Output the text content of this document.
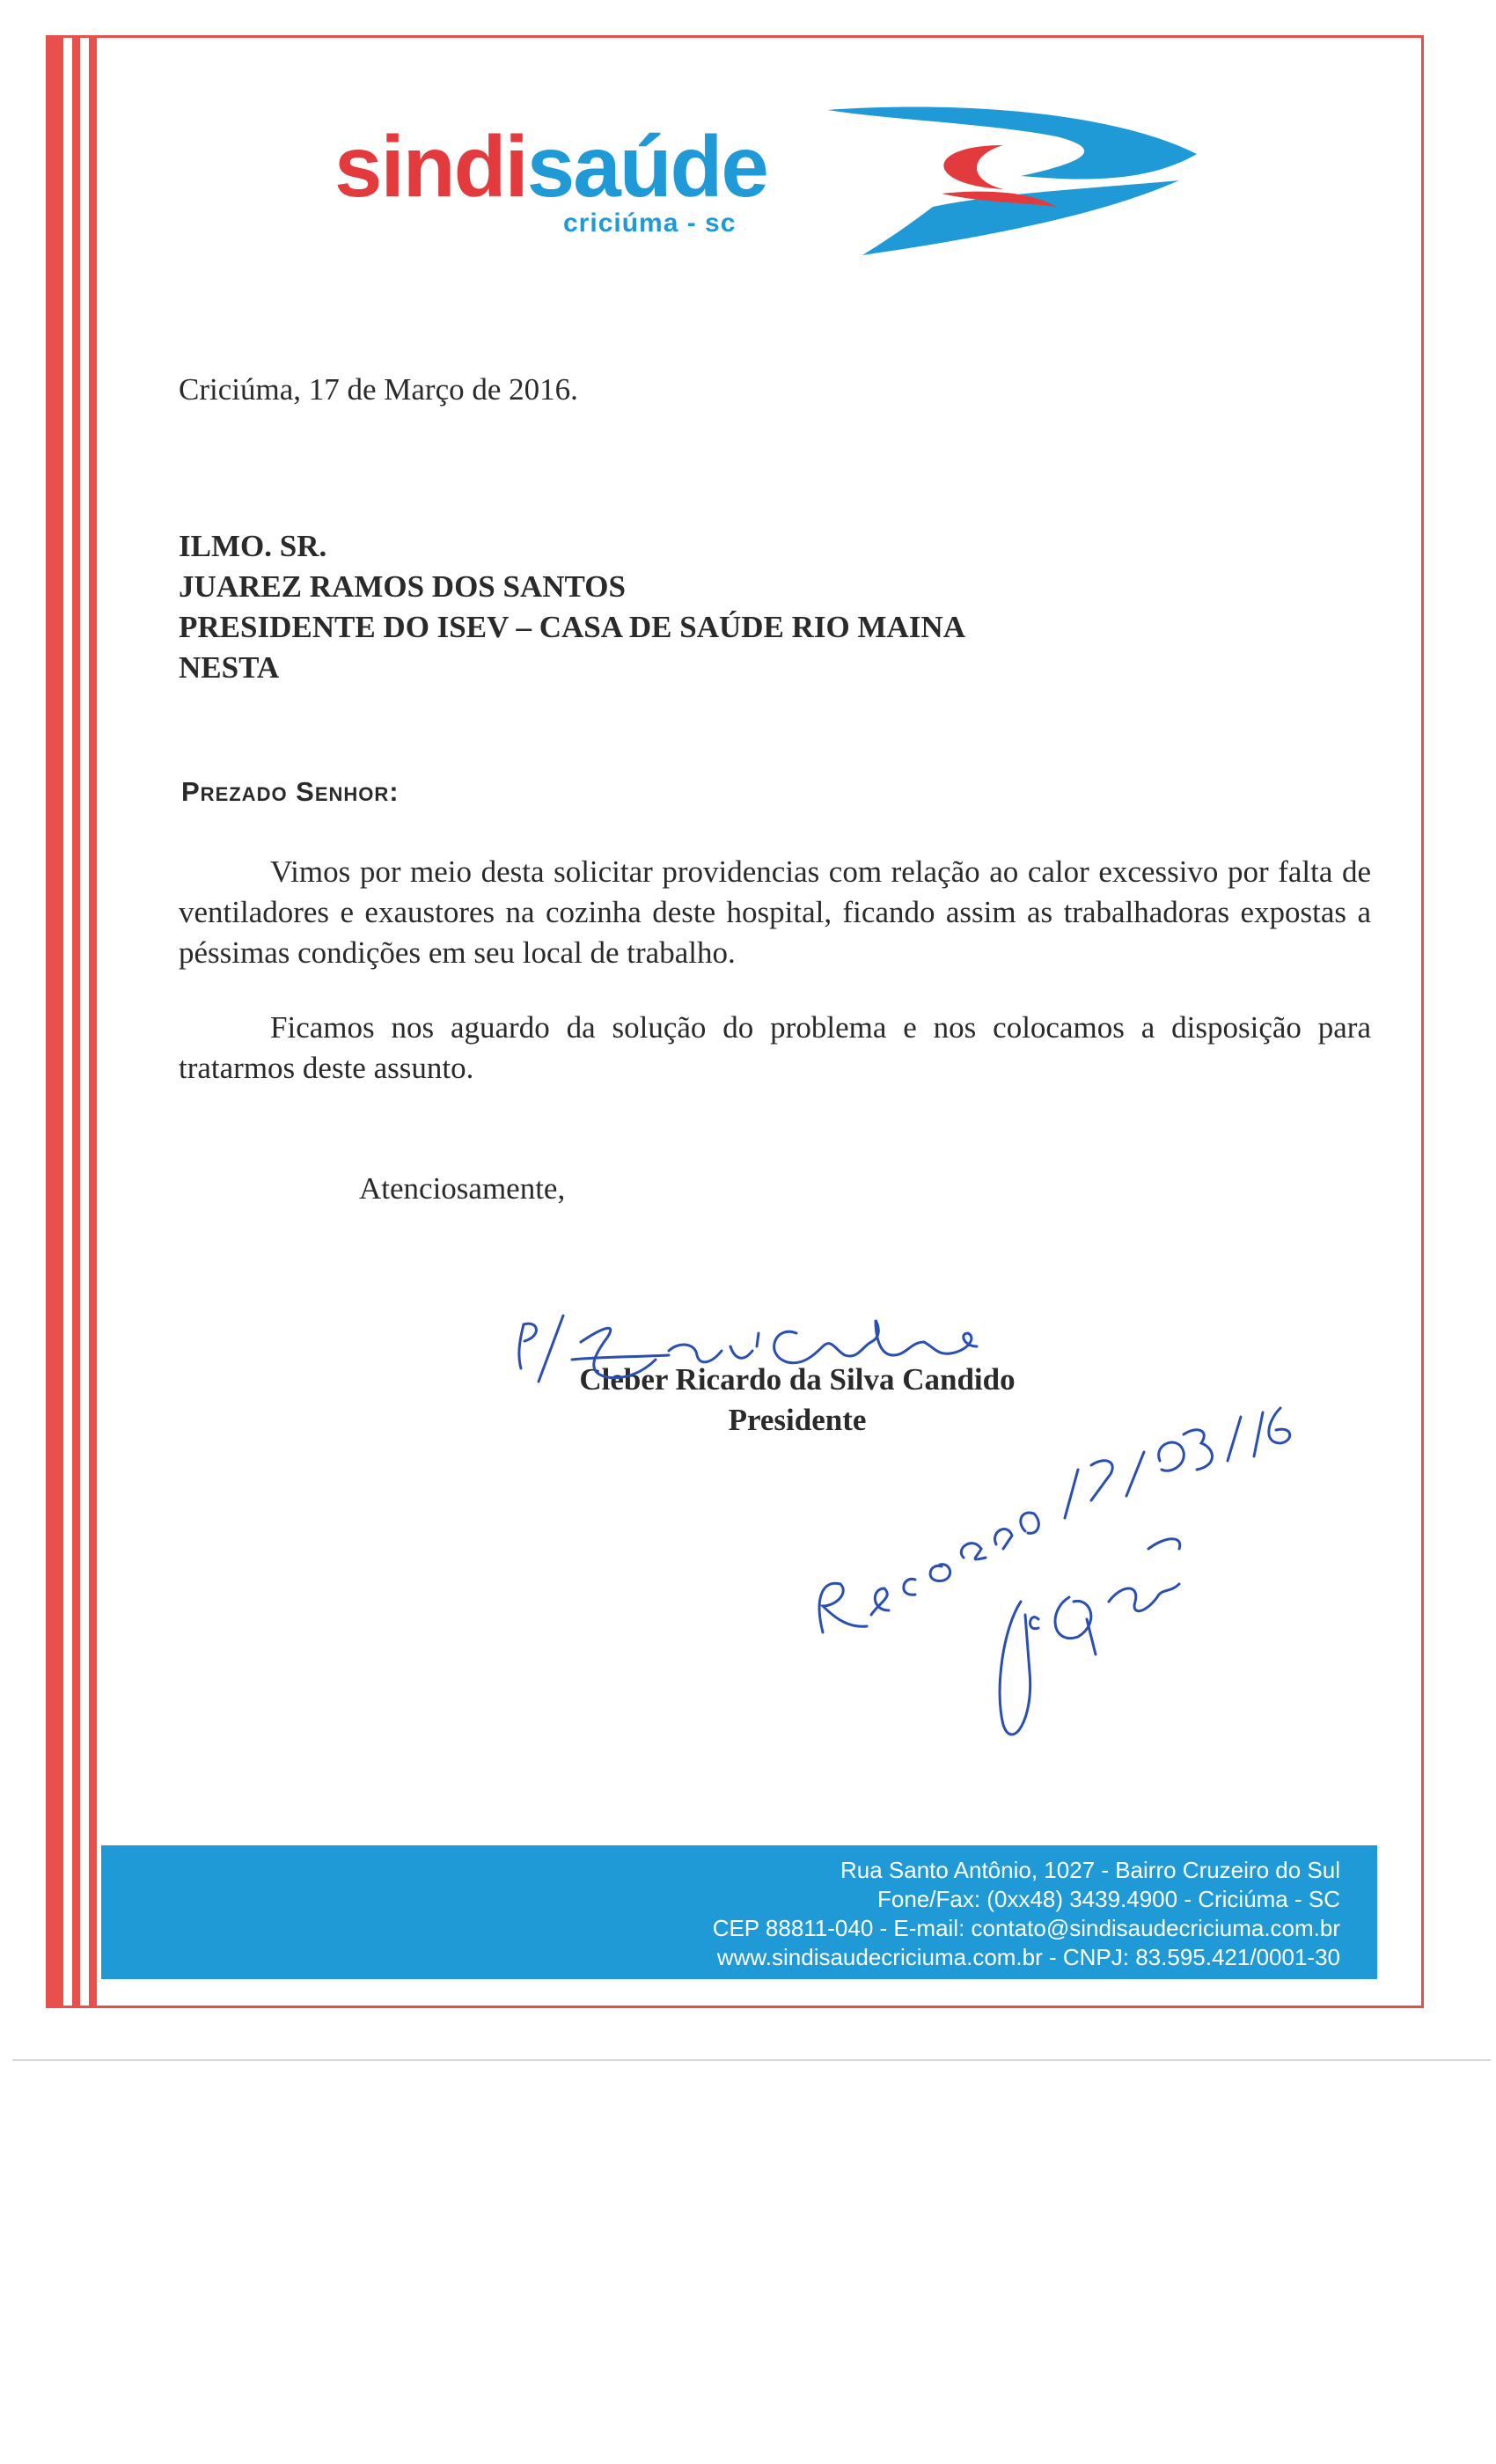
sindisaúde
criciúma - sc
Criciúma, 17 de Março de 2016.
ILMO. SR.
JUAREZ RAMOS DOS SANTOS
PRESIDENTE DO ISEV – CASA DE SAÚDE RIO MAINA
NESTA
Prezado Senhor:
Vimos por meio desta solicitar providencias com relação ao calor excessivo por falta de ventiladores e exaustores na cozinha deste hospital, ficando assim as trabalhadoras expostas a péssimas condições em seu local de trabalho.
Ficamos nos aguardo da solução do problema e nos colocamos a disposição para tratarmos deste assunto.
Atenciosamente,
Cleber Ricardo da Silva Candido
Presidente
Rua Santo Antônio, 1027 - Bairro Cruzeiro do Sul
Fone/Fax: (0xx48) 3439.4900 - Criciúma - SC
CEP 88811-040 - E-mail: contato@sindisaudecriciuma.com.br
www.sindisaudecriciuma.com.br - CNPJ: 83.595.421/0001-30
